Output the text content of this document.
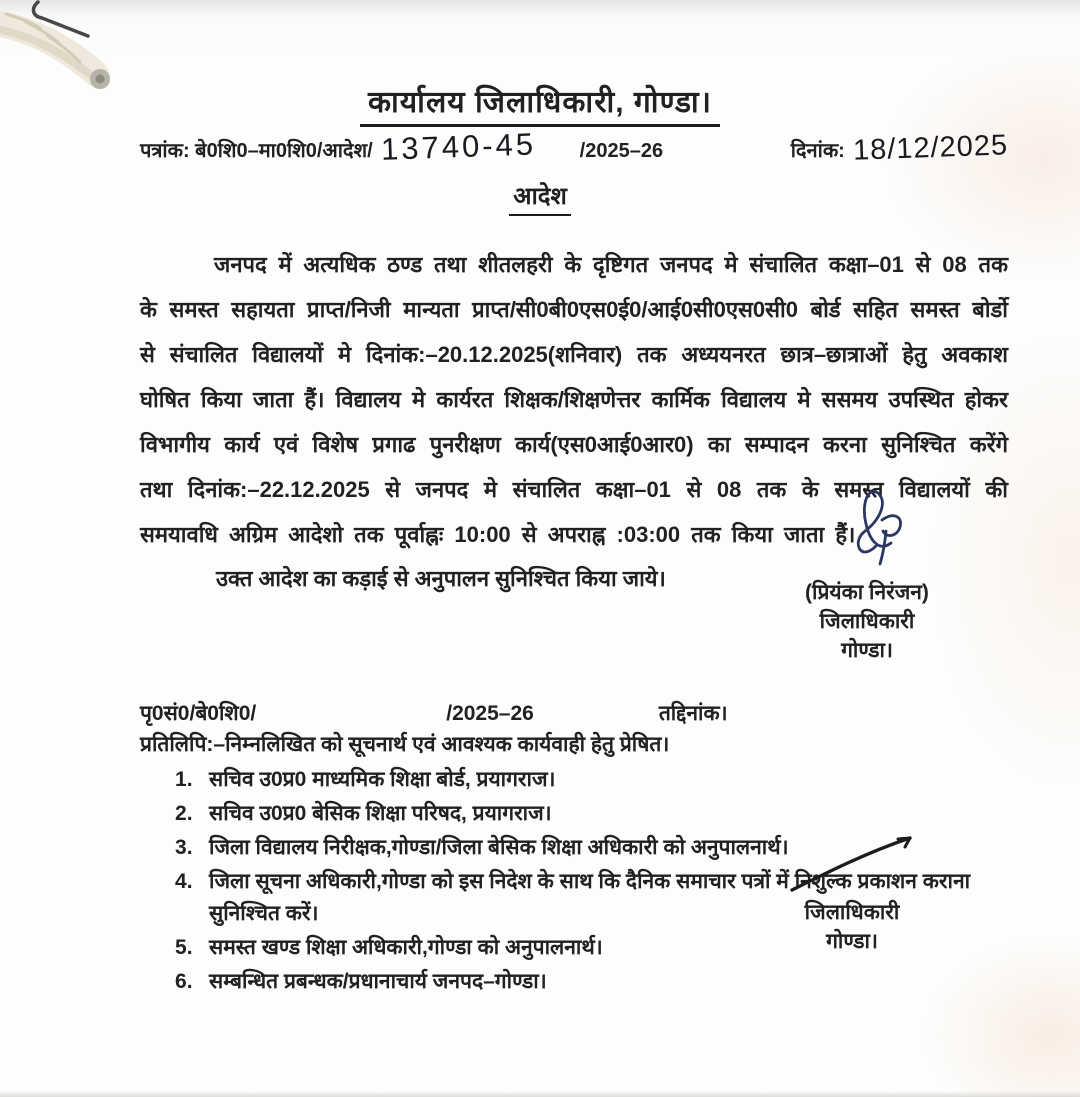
कार्यालय जिलाधिकारी, गोण्डा।
पत्रांक: बे0शि0–मा0शि0/आदेश/ 13740-45	/2025–26	दिनांक: 18/12/2025
आदेश

जनपद में अत्यधिक ठण्ड तथा शीतलहरी के दृष्टिगत जनपद मे संचालित कक्षा–01 से 08 तक के समस्त सहायता प्राप्त/निजी मान्यता प्राप्त/सी0बी0एस0ई0/आई0सी0एस0सी0 बोर्ड सहित समस्त बोर्डो से संचालित विद्यालयों मे दिनांक:–20.12.2025(शनिवार) तक अध्ययनरत छात्र–छात्राओं हेतु अवकाश घोषित किया जाता हैं। विद्यालय मे कार्यरत शिक्षक/शिक्षणेत्तर कार्मिक विद्यालय मे ससमय उपस्थित होकर विभागीय कार्य एवं विशेष प्रगाढ पुनरीक्षण कार्य(एस0आई0आर0) का सम्पादन करना सुनिश्चित करेंगे तथा दिनांक:–22.12.2025 से जनपद मे संचालित कक्षा–01 से 08 तक के समस्त विद्यालयों की समयावधि अग्रिम आदेशो तक पूर्वाह्नः 10:00 से अपराह्न :03:00 तक किया जाता हैं।

उक्त आदेश का कड़ाई से अनुपालन सुनिश्चित किया जाये।

(प्रियंका निरंजन)
जिलाधिकारी
गोण्डा।
पृ0सं0/बे0शि0/	/2025–26	तद्दिनांक।
प्रतिलिपि:–निम्नलिखित को सूचनार्थ एवं आवश्यक कार्यवाही हेतु प्रेषित।
सचिव उ0प्र0 माध्यमिक शिक्षा बोर्ड, प्रयागराज।
सचिव उ0प्र0 बेसिक शिक्षा परिषद, प्रयागराज।
जिला विद्यालय निरीक्षक,गोण्डा/जिला बेसिक शिक्षा अधिकारी को अनुपालनार्थ।
जिला सूचना अधिकारी,गोण्डा को इस निदेश के साथ कि दैनिक समाचार पत्रों में निशुल्क प्रकाशन कराना सुनिश्चित करें।
समस्त खण्ड शिक्षा अधिकारी,गोण्डा को अनुपालनार्थ।
सम्बन्धित प्रबन्धक/प्रधानाचार्य जनपद–गोण्डा।
जिलाधिकारी
गोण्डा।
